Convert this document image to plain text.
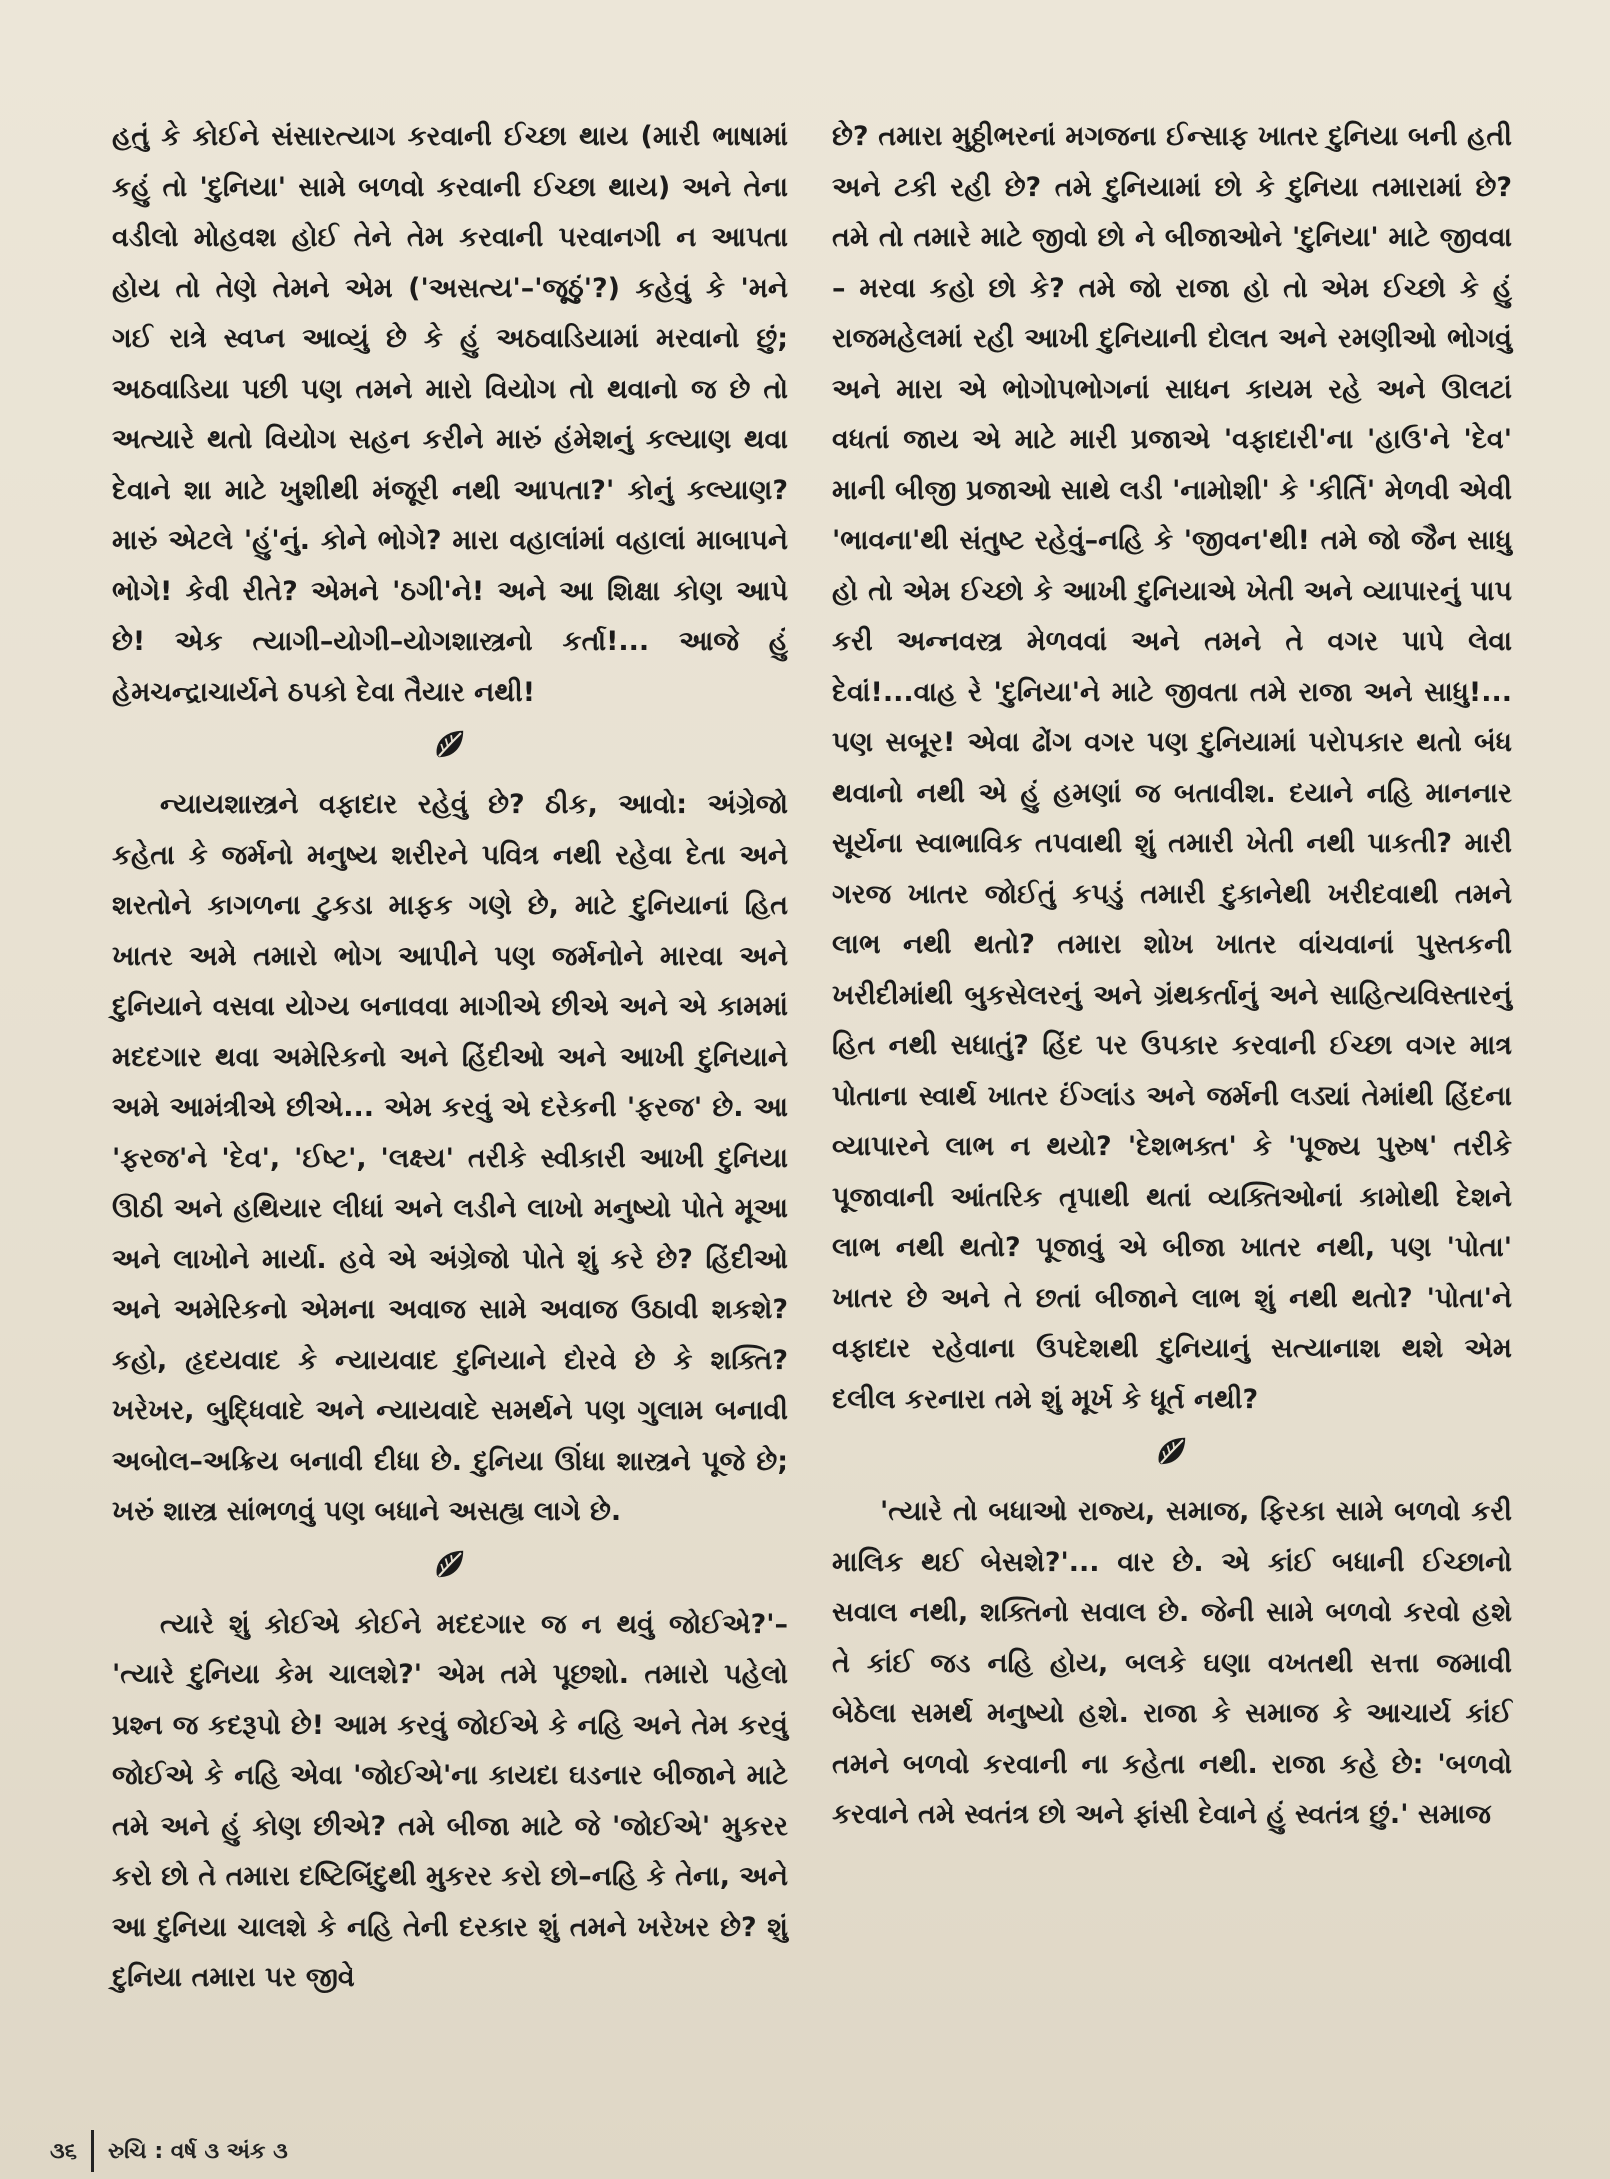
હતું કે કોઈને સંસારત્યાગ કરવાની ઈચ્છા થાય (મારી ભાષામાં કહું તો 'દુનિયા' સામે બળવો કરવાની ઈચ્છા થાય) અને તેના વડીલો મોહવશ હોઈ તેને તેમ કરવાની પરવાનગી ન આપતા હોય તો તેણે તેમને એમ ('અસત્ય'–'જૂઠું'?) કહેવું કે 'મને ગઈ રાત્રે સ્વપ્ન આવ્યું છે કે હું અઠવાડિયામાં મરવાનો છું; અઠવાડિયા પછી પણ તમને મારો વિયોગ તો થવાનો જ છે તો અત્યારે થતો વિયોગ સહન કરીને મારું હંમેશનું કલ્યાણ થવા દેવાને શા માટે ખુશીથી મંજૂરી નથી આપતા?' કોનું કલ્યાણ? મારું એટલે 'હું'નું. કોને ભોગે? મારા વહાલાંમાં વહાલાં માબાપને ભોગે! કેવી રીતે? એમને 'ઠગી'ને! અને આ શિક્ષા કોણ આપે છે! એક ત્યાગી–યોગી–યોગશાસ્ત્રનો કર્તા!... આજે હું હેમચન્દ્રાચાર્યને ઠપકો દેવા તૈયાર નથી!

ન્યાયશાસ્ત્રને વફાદાર રહેવું છે? ઠીક, આવો: અંગ્રેજો કહેતા કે જર્મનો મનુષ્ય શરીરને પવિત્ર નથી રહેવા દેતા અને શરતોને કાગળના ટુકડા માફક ગણે છે, માટે દુનિયાનાં હિત ખાતર અમે તમારો ભોગ આપીને પણ જર્મનોને મારવા અને દુનિયાને વસવા યોગ્ય બનાવવા માગીએ છીએ અને એ કામમાં મદદગાર થવા અમેરિકનો અને હિંદીઓ અને આખી દુનિયાને અમે આમંત્રીએ છીએ... એમ કરવું એ દરેકની 'ફરજ' છે. આ 'ફરજ'ને 'દેવ', 'ઈષ્ટ', 'લક્ષ્ય' તરીકે સ્વીકારી આખી દુનિયા ઊઠી અને હથિયાર લીધાં અને લડીને લાખો મનુષ્યો પોતે મૂઆ અને લાખોને માર્યા. હવે એ અંગ્રેજો પોતે શું કરે છે? હિંદીઓ અને અમેરિકનો એમના અવાજ સામે અવાજ ઉઠાવી શકશે? કહો, હૃદયવાદ કે ન્યાયવાદ દુનિયાને દોરવે છે કે શક્તિ? ખરેખર, બુદ્ધિવાદે અને ન્યાયવાદે સમર્થને પણ ગુલામ બનાવી અબોલ–અક્રિય બનાવી દીધા છે. દુનિયા ઊંધા શાસ્ત્રને પૂજે છે; ખરું શાસ્ત્ર સાંભળવું પણ બધાને અસહ્ય લાગે છે.

ત્યારે શું કોઈએ કોઈને મદદગાર જ ન થવું જોઈએ?'– 'ત્યારે દુનિયા કેમ ચાલશે?' એમ તમે પૂછશો. તમારો પહેલો પ્રશ્ન જ કદરૂપો છે! આમ કરવું જોઈએ કે નહિ અને તેમ કરવું જોઈએ કે નહિ એવા 'જોઈએ'ના કાયદા ઘડનાર બીજાને માટે તમે અને હું કોણ છીએ? તમે બીજા માટે જે 'જોઈએ' મુકરર કરો છો તે તમારા દષ્ટિબિંદુથી મુકરર કરો છો–નહિ કે તેના, અને આ દુનિયા ચાલશે કે નહિ તેની દરકાર શું તમને ખરેખર છે? શું દુનિયા તમારા પર જીવે

છે? તમારા મુઠ્ઠીભરનાં મગજના ઈન્સાફ ખાતર દુનિયા બની હતી અને ટકી રહી છે? તમે દુનિયામાં છો કે દુનિયા તમારામાં છે? તમે તો તમારે માટે જીવો છો ને બીજાઓને 'દુનિયા' માટે જીવવા – મરવા કહો છો કે? તમે જો રાજા હો તો એમ ઈચ્છો કે હું રાજમહેલમાં રહી આખી દુનિયાની દોલત અને રમણીઓ ભોગવું અને મારા એ ભોગોપભોગનાં સાધન કાયમ રહે અને ઊલટાં વધતાં જાય એ માટે મારી પ્રજાએ 'વફાદારી'ના 'હાઉ'ને 'દેવ' માની બીજી પ્રજાઓ સાથે લડી 'નામોશી' કે 'કીર્તિ' મેળવી એવી 'ભાવના'થી સંતુષ્ટ રહેવું–નહિ કે 'જીવન'થી! તમે જો જૈન સાધુ હો તો એમ ઈચ્છો કે આખી દુનિયાએ ખેતી અને વ્યાપારનું પાપ કરી અન્નવસ્ત્ર મેળવવાં અને તમને તે વગર પાપે લેવા દેવાં!...વાહ રે 'દુનિયા'ને માટે જીવતા તમે રાજા અને સાધુ!... પણ સબૂર! એવા ઢોંગ વગર પણ દુનિયામાં પરોપકાર થતો બંધ થવાનો નથી એ હું હમણાં જ બતાવીશ. દયાને નહિ માનનાર સૂર્યના સ્વાભાવિક તપવાથી શું તમારી ખેતી નથી પાકતી? મારી ગરજ ખાતર જોઈતું કપડું તમારી દુકાનેથી ખરીદવાથી તમને લાભ નથી થતો? તમારા શોખ ખાતર વાંચવાનાં પુસ્તકની ખરીદીમાંથી બુકસેલરનું અને ગ્રંથકર્તાનું અને સાહિત્યવિસ્તારનું હિત નથી સધાતું? હિંદ પર ઉપકાર કરવાની ઈચ્છા વગર માત્ર પોતાના સ્વાર્થ ખાતર ઈંગ્લાંડ અને જર્મની લડ્યાં તેમાંથી હિંદના વ્યાપારને લાભ ન થયો? 'દેશભક્ત' કે 'પૂજ્ય પુરુષ' તરીકે પૂજાવાની આંતરિક તૃપાથી થતાં વ્યક્તિઓનાં કામોથી દેશને લાભ નથી થતો? પૂજાવું એ બીજા ખાતર નથી, પણ 'પોતા' ખાતર છે અને તે છતાં બીજાને લાભ શું નથી થતો? 'પોતા'ને વફાદાર રહેવાના ઉપદેશથી દુનિયાનું સત્યાનાશ થશે એમ દલીલ કરનારા તમે શું મૂર્ખ કે ધૂર્ત નથી?

'ત્યારે તો બધાઓ રાજ્ય, સમાજ, ફિરકા સામે બળવો કરી માલિક થઈ બેસશે?'... વાર છે. એ કાંઈ બધાની ઈચ્છાનો સવાલ નથી, શક્તિનો સવાલ છે. જેની સામે બળવો કરવો હશે તે કાંઈ જડ નહિ હોય, બલકે ઘણા વખતથી સત્તા જમાવી બેઠેલા સમર્થ મનુષ્યો હશે. રાજા કે સમાજ કે આચાર્ય કાંઈ તમને બળવો કરવાની ના કહેતા નથી. રાજા કહે છે: 'બળવો કરવાને તમે સ્વતંત્ર છો અને ફાંસી દેવાને હું સ્વતંત્ર છું.' સમાજ

૩૬ રુચિ : વર્ષ ૩ અંક ૩
